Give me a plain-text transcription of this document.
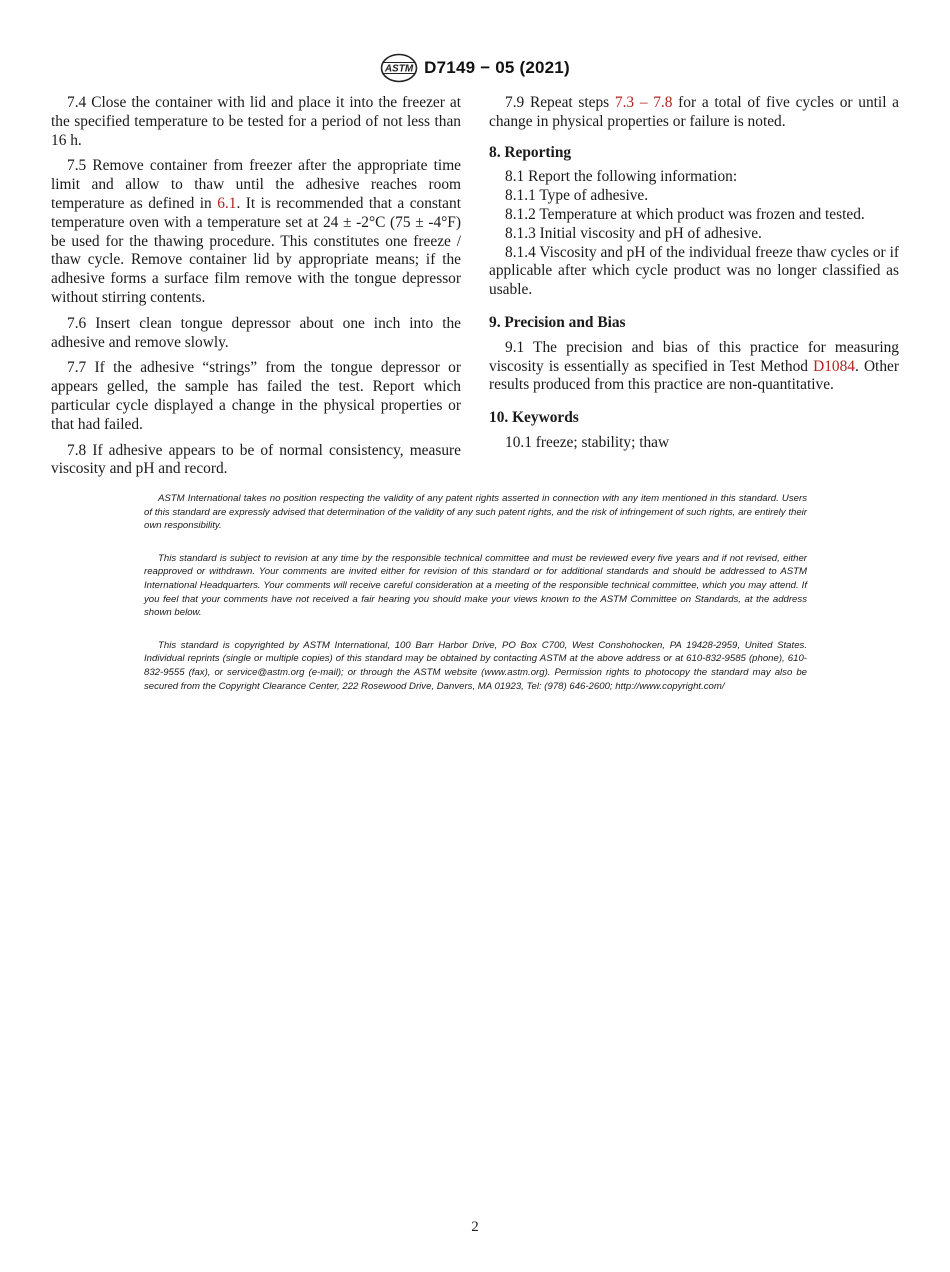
ASTM D7149 − 05 (2021)

7.4 Close the container with lid and place it into the freezer at the specified temperature to be tested for a period of not less than 16 h.

7.5 Remove container from freezer after the appropriate time limit and allow to thaw until the adhesive reaches room temperature as defined in 6.1. It is recommended that a constant temperature oven with a temperature set at 24 ± -2°C (75 ± -4°F) be used for the thawing procedure. This constitutes one freeze / thaw cycle. Remove container lid by appropriate means; if the adhesive forms a surface film remove with the tongue depressor without stirring contents.

7.6 Insert clean tongue depressor about one inch into the adhesive and remove slowly.

7.7 If the adhesive “strings” from the tongue depressor or appears gelled, the sample has failed the test. Report which particular cycle displayed a change in the physical properties or that had failed.

7.8 If adhesive appears to be of normal consistency, measure viscosity and pH and record.

7.9 Repeat steps 7.3 – 7.8 for a total of five cycles or until a change in physical properties or failure is noted.

8. Reporting

8.1 Report the following information:

8.1.1 Type of adhesive.

8.1.2 Temperature at which product was frozen and tested.

8.1.3 Initial viscosity and pH of adhesive.

8.1.4 Viscosity and pH of the individual freeze thaw cycles or if applicable after which cycle product was no longer classified as usable.

9. Precision and Bias

9.1 The precision and bias of this practice for measuring viscosity is essentially as specified in Test Method D1084. Other results produced from this practice are non-quantitative.

10. Keywords

10.1 freeze; stability; thaw

ASTM International takes no position respecting the validity of any patent rights asserted in connection with any item mentioned in this standard. Users of this standard are expressly advised that determination of the validity of any such patent rights, and the risk of infringement of such rights, are entirely their own responsibility.

This standard is subject to revision at any time by the responsible technical committee and must be reviewed every five years and if not revised, either reapproved or withdrawn. Your comments are invited either for revision of this standard or for additional standards and should be addressed to ASTM International Headquarters. Your comments will receive careful consideration at a meeting of the responsible technical committee, which you may attend. If you feel that your comments have not received a fair hearing you should make your views known to the ASTM Committee on Standards, at the address shown below.

This standard is copyrighted by ASTM International, 100 Barr Harbor Drive, PO Box C700, West Conshohocken, PA 19428-2959, United States. Individual reprints (single or multiple copies) of this standard may be obtained by contacting ASTM at the above address or at 610-832-9585 (phone), 610-832-9555 (fax), or service@astm.org (e-mail); or through the ASTM website (www.astm.org). Permission rights to photocopy the standard may also be secured from the Copyright Clearance Center, 222 Rosewood Drive, Danvers, MA 01923, Tel: (978) 646-2600; http://www.copyright.com/

2
